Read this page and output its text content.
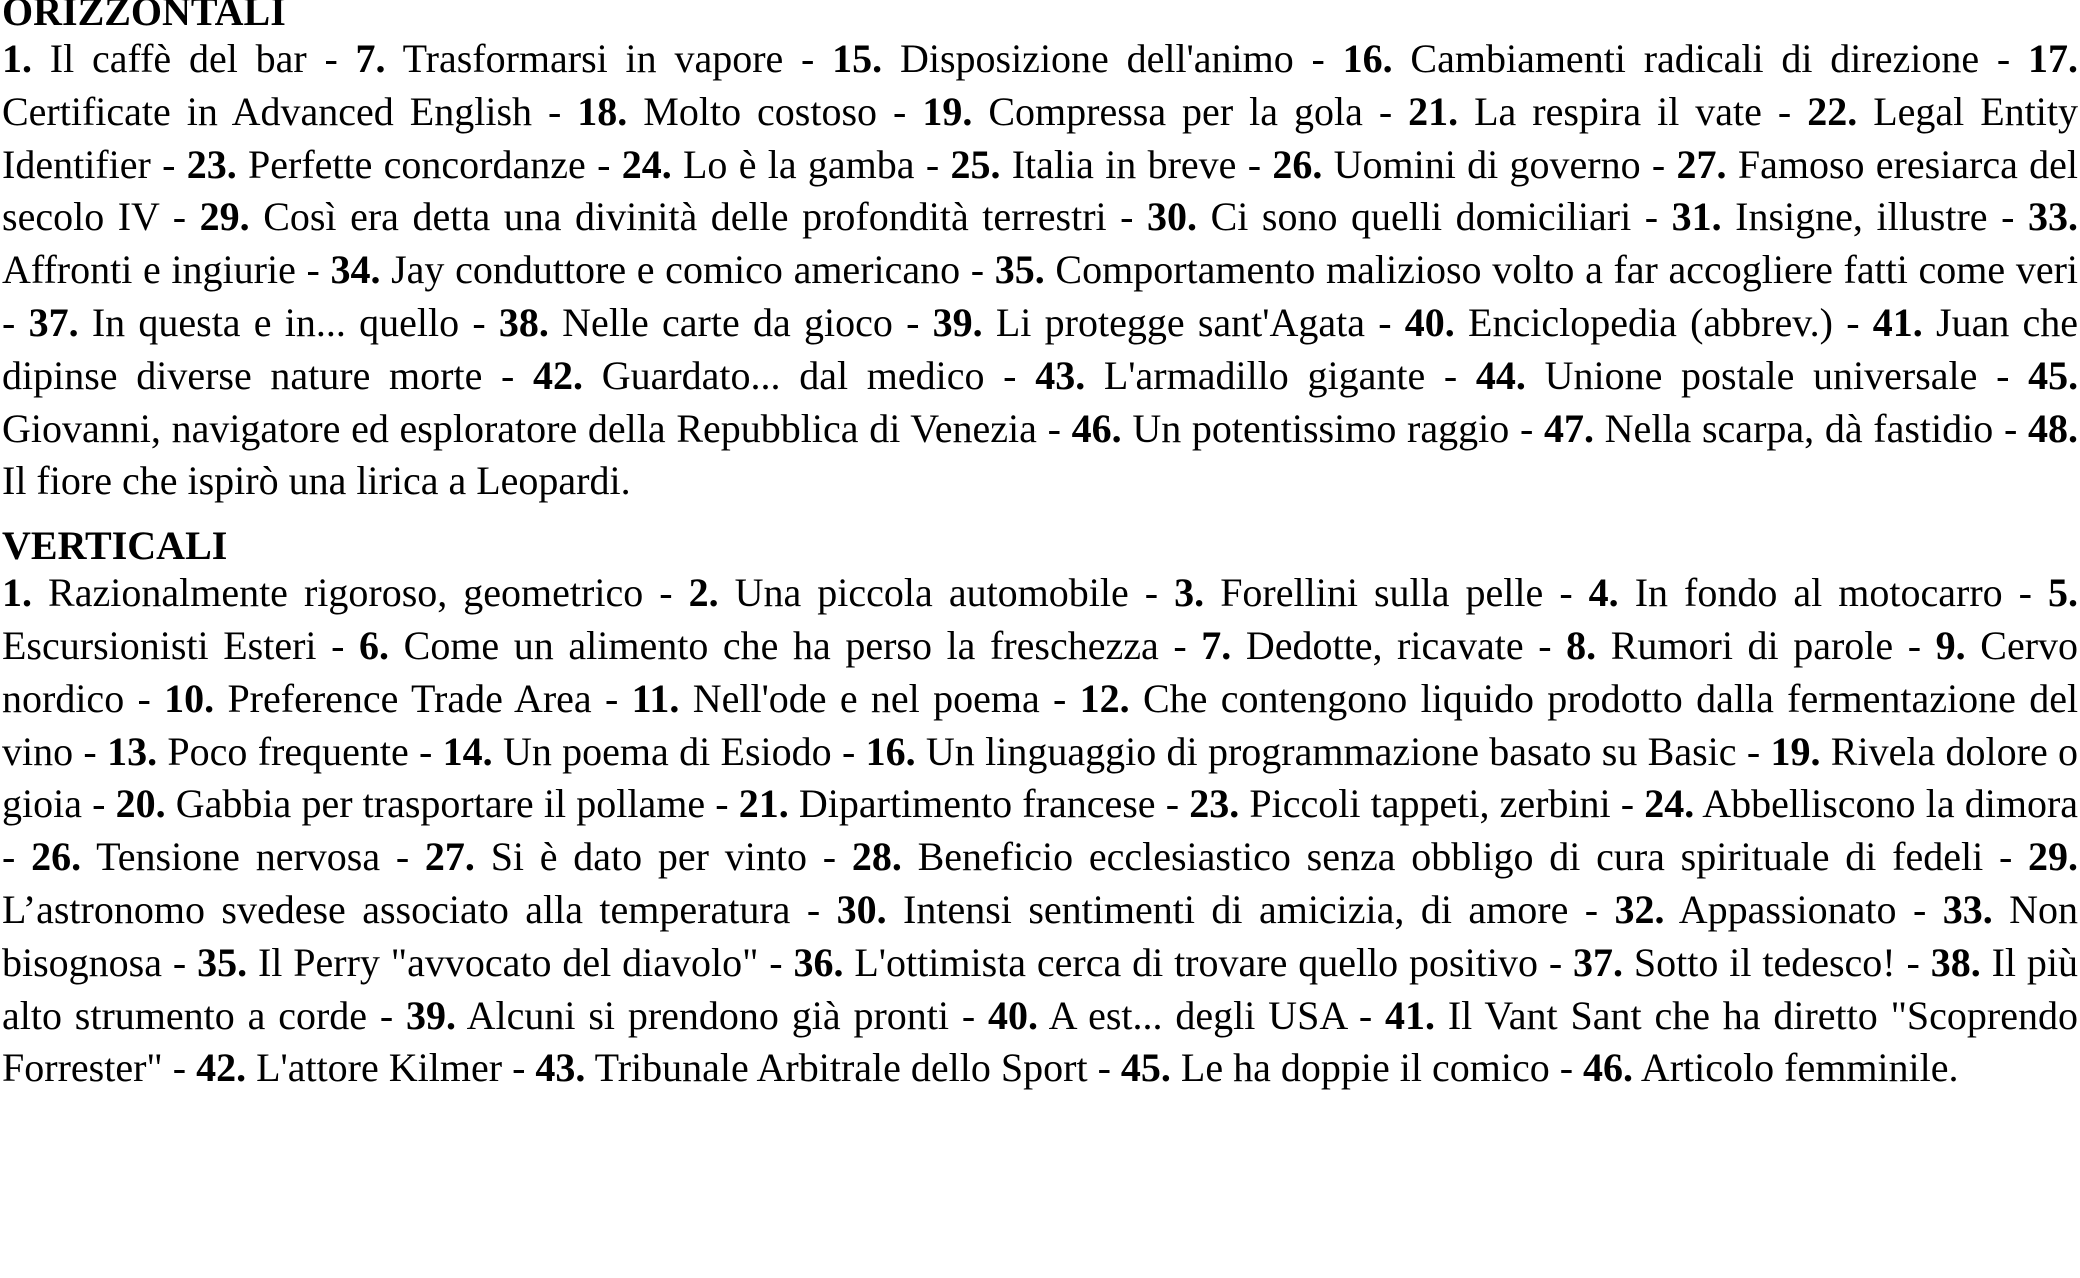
ORIZZONTALI

1. Il caffè del bar - 7. Trasformarsi in vapore - 15. Disposizione dell'animo - 16. Cambiamenti radicali di direzione - 17. Certificate in Advanced English - 18. Molto costoso - 19. Compressa per la gola - 21. La respira il vate - 22. Legal Entity Identifier - 23. Perfette concordanze - 24. Lo è la gamba - 25. Italia in breve - 26. Uomini di governo - 27. Famoso eresiarca del secolo IV - 29. Così era detta una divinità delle profondità terrestri - 30. Ci sono quelli domiciliari - 31. Insigne, illustre - 33. Affronti e ingiurie - 34. Jay conduttore e comico americano - 35. Comportamento malizioso volto a far accogliere fatti come veri - 37. In questa e in... quello - 38. Nelle carte da gioco - 39. Li protegge sant'Agata - 40. Enciclopedia (abbrev.) - 41. Juan che dipinse diverse nature morte - 42. Guardato... dal medico - 43. L'armadillo gigante - 44. Unione postale universale - 45. Giovanni, navigatore ed esploratore della Repubblica di Venezia - 46. Un potentissimo raggio - 47. Nella scarpa, dà fastidio - 48. Il fiore che ispirò una lirica a Leopardi.

VERTICALI

1. Razionalmente rigoroso, geometrico - 2. Una piccola automobile - 3. Forellini sulla pelle - 4. In fondo al motocarro - 5. Escursionisti Esteri - 6. Come un alimento che ha perso la freschezza - 7. Dedotte, ricavate - 8. Rumori di parole - 9. Cervo nordico - 10. Preference Trade Area - 11. Nell'ode e nel poema - 12. Che contengono liquido prodotto dalla fermentazione del vino - 13. Poco frequente - 14. Un poema di Esiodo - 16. Un linguaggio di programmazione basato su Basic - 19. Rivela dolore o gioia - 20. Gabbia per trasportare il pollame - 21. Dipartimento francese - 23. Piccoli tappeti, zerbini - 24. Abbelliscono la dimora - 26. Tensione nervosa - 27. Si è dato per vinto - 28. Beneficio ecclesiastico senza obbligo di cura spirituale di fedeli - 29. L’astronomo svedese associato alla temperatura - 30. Intensi sentimenti di amicizia, di amore - 32. Appassionato - 33. Non bisognosa - 35. Il Perry "avvocato del diavolo" - 36. L'ottimista cerca di trovare quello positivo - 37. Sotto il tedesco! - 38. Il più alto strumento a corde - 39. Alcuni si prendono già pronti - 40. A est... degli USA - 41. Il Vant Sant che ha diretto "Scoprendo Forrester" - 42. L'attore Kilmer - 43. Tribunale Arbitrale dello Sport - 45. Le ha doppie il comico - 46. Articolo femminile.
